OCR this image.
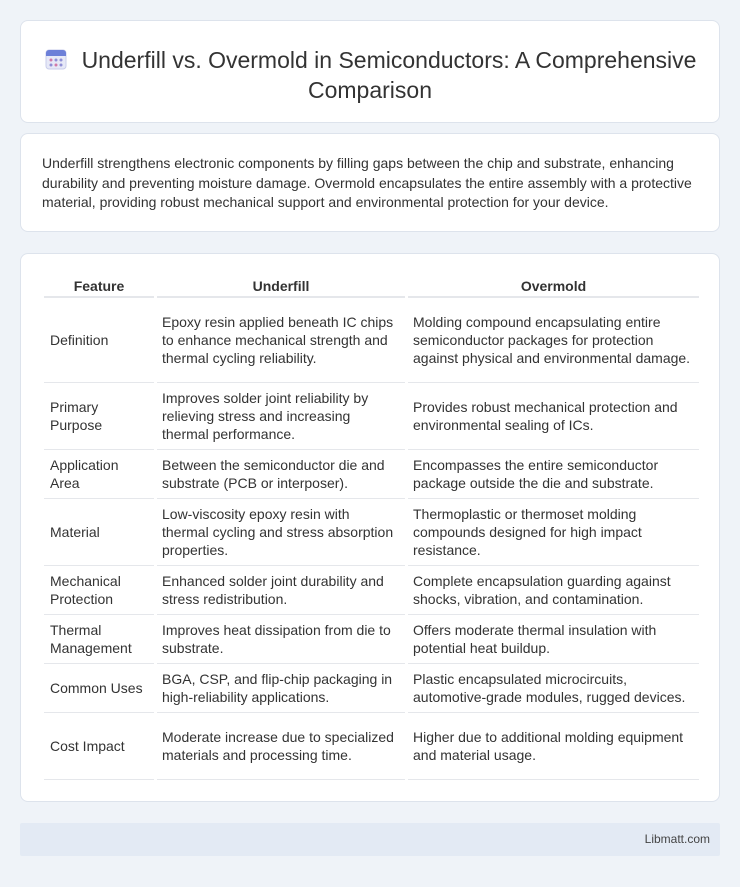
Underfill vs. Overmold in Semiconductors: A Comprehensive Comparison

Underfill strengthens electronic components by filling gaps between the chip and substrate, enhancing durability and preventing moisture damage. Overmold encapsulates the entire assembly with a protective material, providing robust mechanical support and environmental protection for your device.

Feature	Underfill	Overmold
Definition	Epoxy resin applied beneath IC chips to enhance mechanical strength and thermal cycling reliability.	Molding compound encapsulating entire semiconductor packages for protection against physical and environmental damage.
Primary Purpose	Improves solder joint reliability by relieving stress and increasing thermal performance.	Provides robust mechanical protection and environmental sealing of ICs.
Application Area	Between the semiconductor die and substrate (PCB or interposer).	Encompasses the entire semiconductor package outside the die and substrate.
Material	Low-viscosity epoxy resin with thermal cycling and stress absorption properties.	Thermoplastic or thermoset molding compounds designed for high impact resistance.
Mechanical Protection	Enhanced solder joint durability and stress redistribution.	Complete encapsulation guarding against shocks, vibration, and contamination.
Thermal Management	Improves heat dissipation from die to substrate.	Offers moderate thermal insulation with potential heat buildup.
Common Uses	BGA, CSP, and flip-chip packaging in high-reliability applications.	Plastic encapsulated microcircuits, automotive-grade modules, rugged devices.
Cost Impact	Moderate increase due to specialized materials and processing time.	Higher due to additional molding equipment and material usage.
Libmatt.com
